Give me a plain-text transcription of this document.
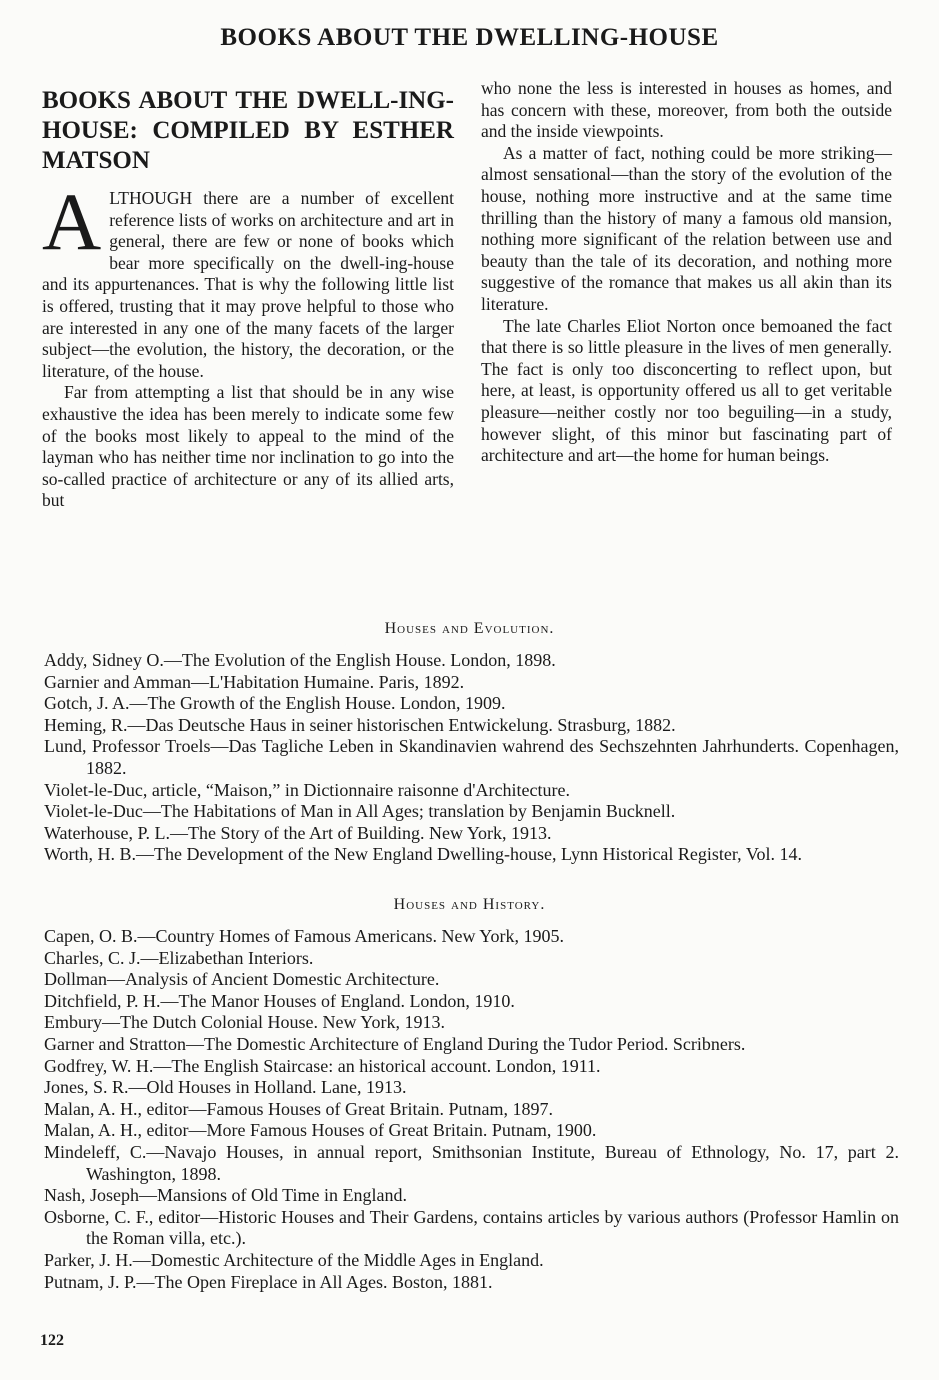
BOOKS ABOUT THE DWELLING-HOUSE
BOOKS ABOUT THE DWELL-ING-HOUSE: COMPILED BY ESTHER MATSON

ALTHOUGH there are a number of excellent reference lists of works on architecture and art in general, there are few or none of books which bear more specifically on the dwell-ing-house and its appurtenances. That is why the following little list is offered, trusting that it may prove helpful to those who are interested in any one of the many facets of the larger subject—the evolution, the history, the decoration, or the literature, of the house.

Far from attempting a list that should be in any wise exhaustive the idea has been merely to indicate some few of the books most likely to appeal to the mind of the layman who has neither time nor inclination to go into the so-called practice of architecture or any of its allied arts, but

who none the less is interested in houses as homes, and has concern with these, moreover, from both the outside and the inside viewpoints.

As a matter of fact, nothing could be more striking—almost sensational—than the story of the evolution of the house, nothing more instructive and at the same time thrilling than the history of many a famous old mansion, nothing more significant of the relation between use and beauty than the tale of its decoration, and nothing more suggestive of the romance that makes us all akin than its literature.

The late Charles Eliot Norton once bemoaned the fact that there is so little pleasure in the lives of men generally. The fact is only too disconcerting to reflect upon, but here, at least, is opportunity offered us all to get veritable pleasure—neither costly nor too beguiling—in a study, however slight, of this minor but fascinating part of architecture and art—the home for human beings.

Houses and Evolution.
Addy, Sidney O.—The Evolution of the English House. London, 1898.
Garnier and Amman—L'Habitation Humaine. Paris, 1892.
Gotch, J. A.—The Growth of the English House. London, 1909.
Heming, R.—Das Deutsche Haus in seiner historischen Entwickelung. Strasburg, 1882.
Lund, Professor Troels—Das Tagliche Leben in Skandinavien wahrend des Sechszehnten Jahrhunderts. Copenhagen, 1882.
Violet-le-Duc, article, “Maison,” in Dictionnaire raisonne d'Architecture.
Violet-le-Duc—The Habitations of Man in All Ages; translation by Benjamin Bucknell.
Waterhouse, P. L.—The Story of the Art of Building. New York, 1913.
Worth, H. B.—The Development of the New England Dwelling-house, Lynn Historical Register, Vol. 14.
Houses and History.
Capen, O. B.—Country Homes of Famous Americans. New York, 1905.
Charles, C. J.—Elizabethan Interiors.
Dollman—Analysis of Ancient Domestic Architecture.
Ditchfield, P. H.—The Manor Houses of England. London, 1910.
Embury—The Dutch Colonial House. New York, 1913.
Garner and Stratton—The Domestic Architecture of England During the Tudor Period. Scribners.
Godfrey, W. H.—The English Staircase: an historical account. London, 1911.
Jones, S. R.—Old Houses in Holland. Lane, 1913.
Malan, A. H., editor—Famous Houses of Great Britain. Putnam, 1897.
Malan, A. H., editor—More Famous Houses of Great Britain. Putnam, 1900.
Mindeleff, C.—Navajo Houses, in annual report, Smithsonian Institute, Bureau of Ethnology, No. 17, part 2. Washington, 1898.
Nash, Joseph—Mansions of Old Time in England.
Osborne, C. F., editor—Historic Houses and Their Gardens, contains articles by various authors (Professor Hamlin on the Roman villa, etc.).
Parker, J. H.—Domestic Architecture of the Middle Ages in England.
Putnam, J. P.—The Open Fireplace in All Ages. Boston, 1881.
122
